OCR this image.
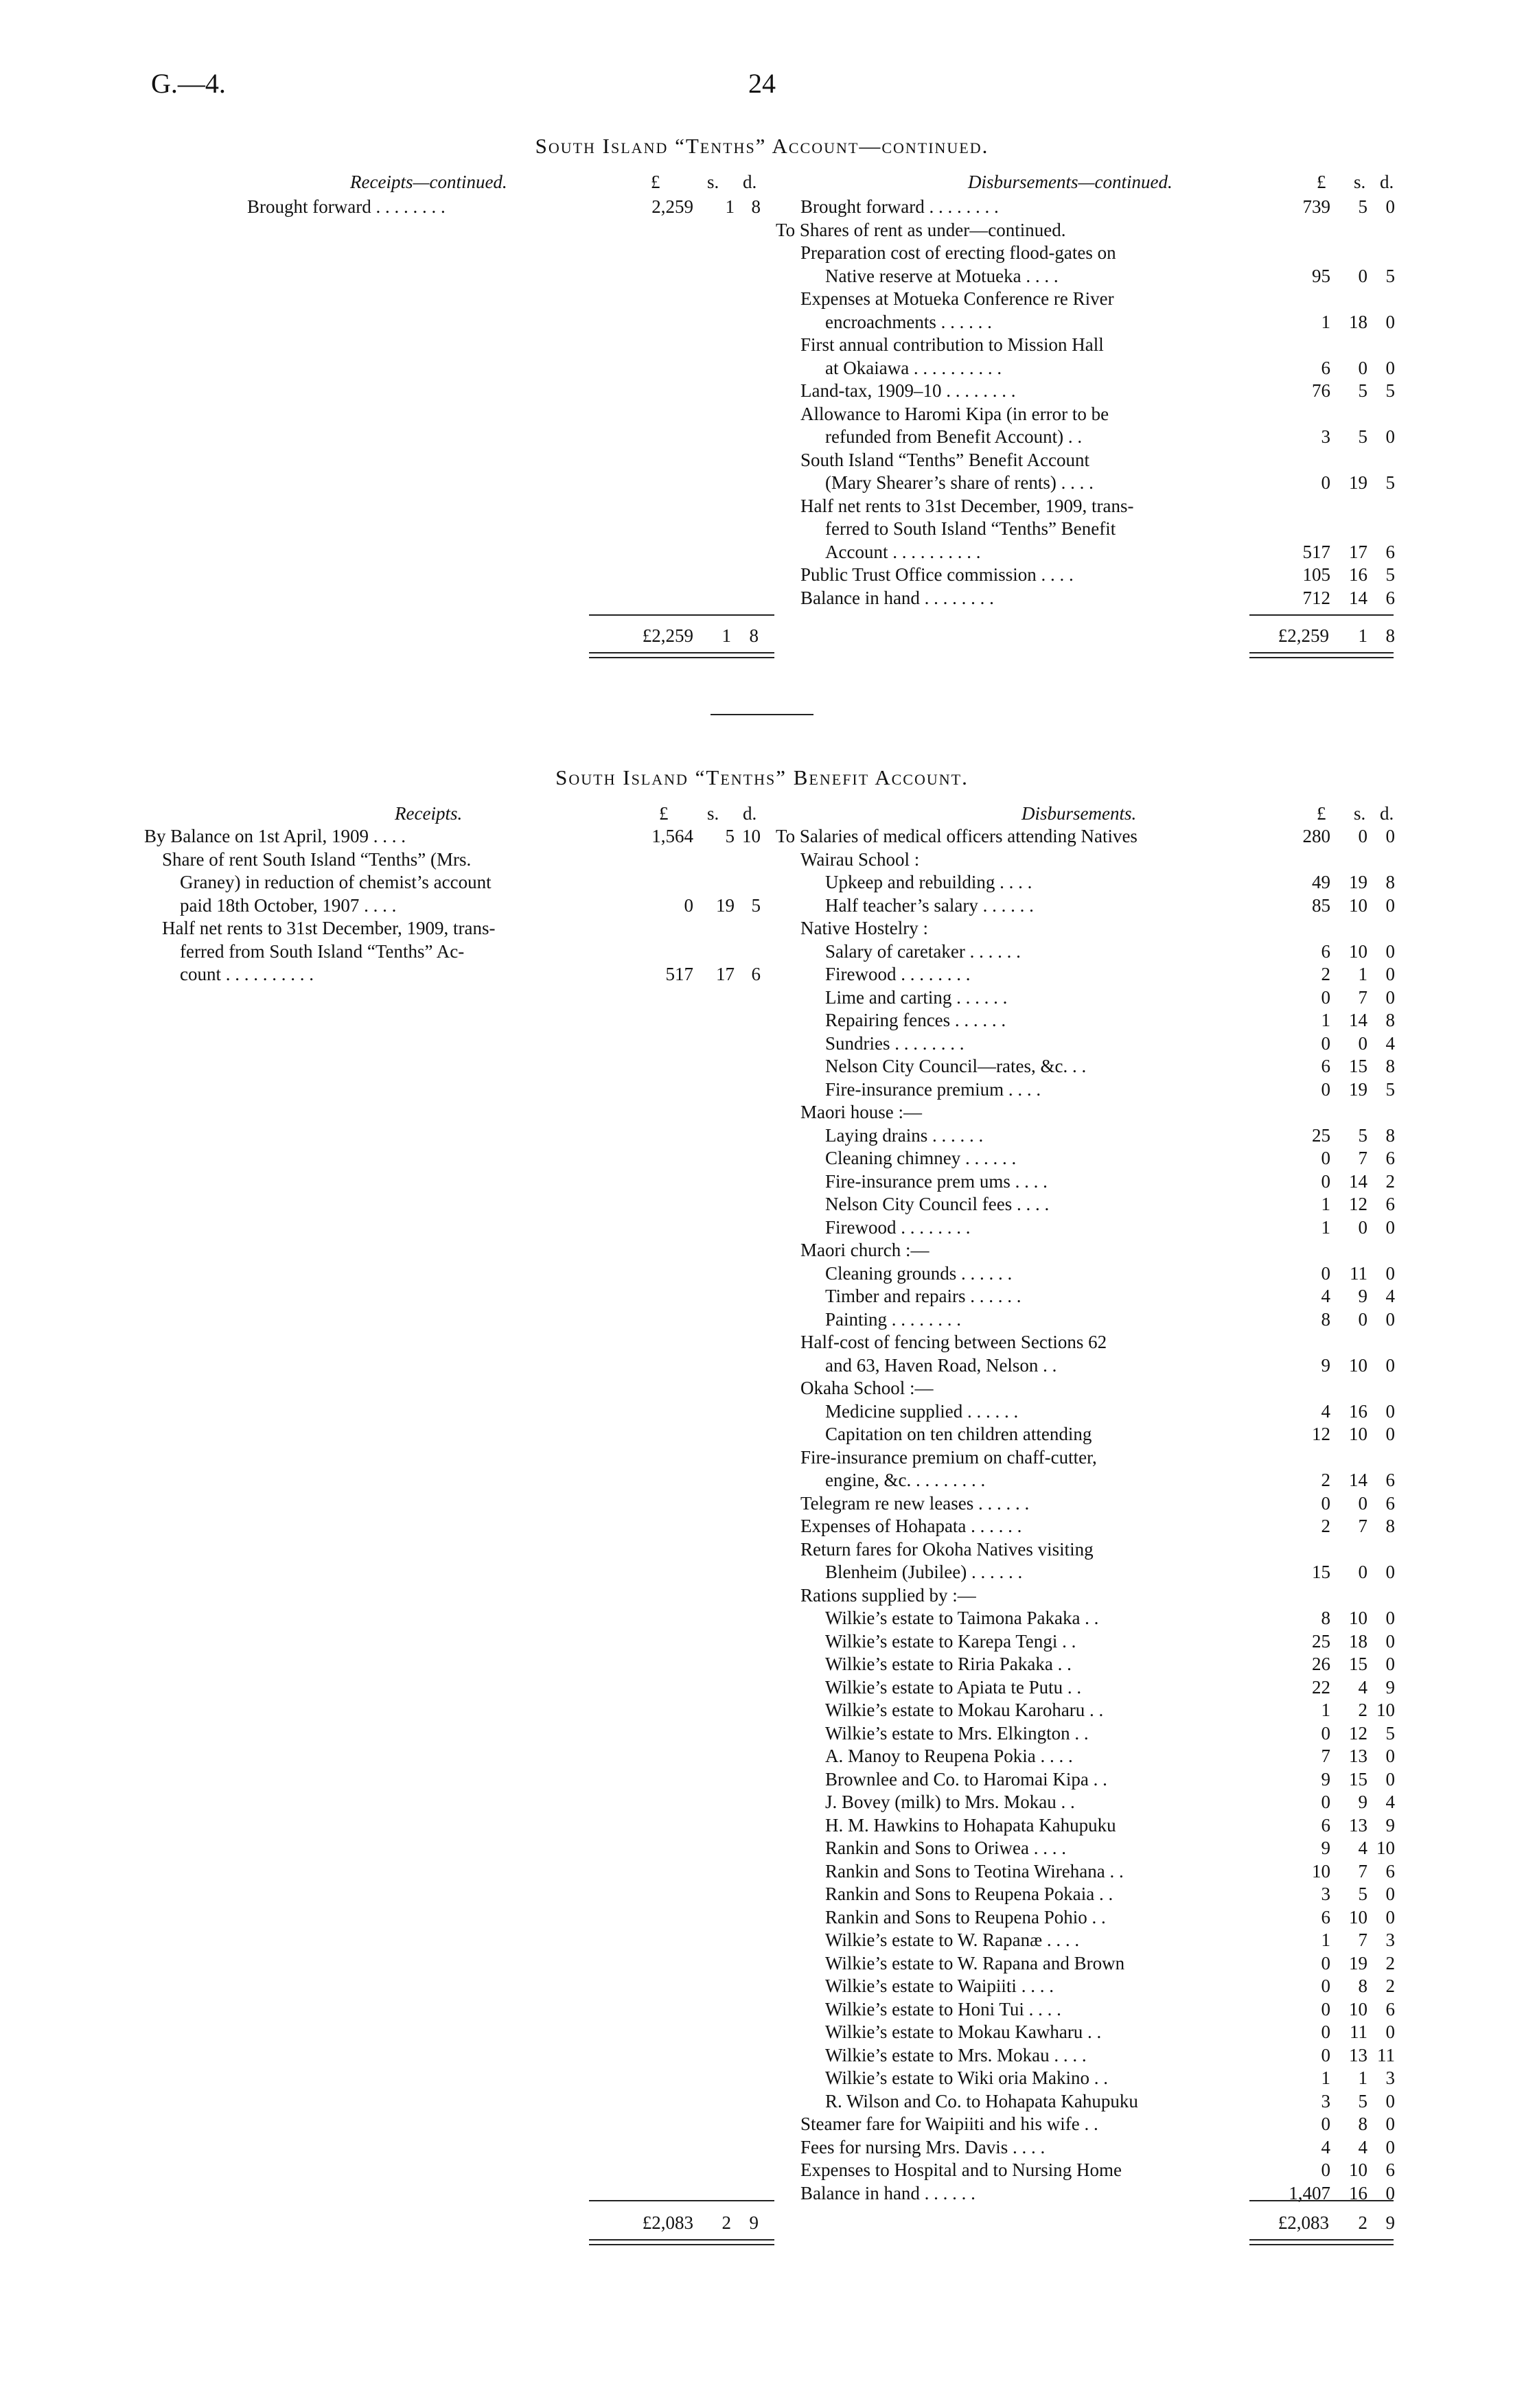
G.—4.	24
South Island “Tenths” Account—continued.
Receipts—continued.	Disbursements—continued.
£	s. d.	£ s. d.
Brought forward . . . . . . . .	2,259	1 8 Brought forward . . . . . . . .	739	5 0
To Shares of rent as under—continued.
Preparation cost of erecting flood-gates on
Native reserve at Motueka . . . .	95	0 5
Expenses at Motueka Conference re River
encroachments . . . . . .	1	18 0
First annual contribution to Mission Hall
at Okaiawa . . . . . . . . . .	6	0 0
Land-tax, 1909–10 . . . . . . . .	76	5 5
Allowance to Haromi Kipa (in error to be
refunded from Benefit Account) . .	3	5 0
South Island “Tenths” Benefit Account
(Mary Shearer’s share of rents) . . . .	0	19 5
Half net rents to 31st December, 1909, trans-
ferred to South Island “Tenths” Benefit
Account . . . . . . . . . .	517	17 6
Public Trust Office commission . . . .	105	16 5
Balance in hand . . . . . . . .	712	14 6
£2,259	1 8	£2,259	1 8
South Island “Tenths” Benefit Account.
Receipts.	Disbursements.
£ s. d.	£ s. d.
By Balance on 1st April, 1909 . . . .	1,564	5 10
Share of rent South Island “Tenths” (Mrs.
Graney) in reduction of chemist’s account
paid 18th October, 1907 . . . .	0	19 5
Half net rents to 31st December, 1909, trans-
ferred from South Island “Tenths” Ac-
count . . . . . . . . . .	517	17 6
To Salaries of medical officers attending Natives	280	0 0
Wairau School :
Upkeep and rebuilding . . . .	49	19 8
Half teacher’s salary . . . . . .	85	10 0
Native Hostelry :
Salary of caretaker . . . . . .	6	10 0
Firewood . . . . . . . .	2	1 0
Lime and carting . . . . . .	0	7 0
Repairing fences . . . . . .	1	14 8
Sundries . . . . . . . .	0	0 4
Nelson City Council—rates, &c. . .	6	15 8
Fire-insurance premium . . . .	0	19 5
Maori house :—
Laying drains . . . . . .	25	5 8
Cleaning chimney . . . . . .	0	7 6
Fire-insurance prem ums . . . .	0	14 2
Nelson City Council fees . . . .	1	12 6
Firewood . . . . . . . .	1	0 0
Maori church :—
Cleaning grounds . . . . . .	0	11 0
Timber and repairs . . . . . .	4	9 4
Painting . . . . . . . .	8	0 0
Half-cost of fencing between Sections 62
and 63, Haven Road, Nelson . .	9	10 0
Okaha School :—
Medicine supplied . . . . . .	4	16 0
Capitation on ten children attending	12	10 0
Fire-insurance premium on chaff-cutter,
engine, &c. . . . . . . . .	2	14 6
Telegram re new leases . . . . . .	0	0 6
Expenses of Hohapata . . . . . .	2	7 8
Return fares for Okoha Natives visiting
Blenheim (Jubilee) . . . . . .	15	0 0
Rations supplied by :—
Wilkie’s estate to Taimona Pakaka . .	8	10 0
Wilkie’s estate to Karepa Tengi . .	25	18 0
Wilkie’s estate to Riria Pakaka . .	26	15 0
Wilkie’s estate to Apiata te Putu . .	22	4 9
Wilkie’s estate to Mokau Karoharu . .	1	2 10
Wilkie’s estate to Mrs. Elkington . .	0	12 5
A. Manoy to Reupena Pokia . . . .	7	13 0
Brownlee and Co. to Haromai Kipa . .	9	15 0
J. Bovey (milk) to Mrs. Mokau . .	0	9 4
H. M. Hawkins to Hohapata Kahupuku	6	13 9
Rankin and Sons to Oriwea . . . .	9	4 10
Rankin and Sons to Teotina Wirehana . .	10	7 6
Rankin and Sons to Reupena Pokaia . .	3	5 0
Rankin and Sons to Reupena Pohio . .	6	10 0
Wilkie’s estate to W. Rapanæ . . . .	1	7 3
Wilkie’s estate to W. Rapana and Brown	0	19 2
Wilkie’s estate to Waipiiti . . . .	0	8 2
Wilkie’s estate to Honi Tui . . . .	0	10 6
Wilkie’s estate to Mokau Kawharu . .	0	11 0
Wilkie’s estate to Mrs. Mokau . . . .	0	13 11
Wilkie’s estate to Wiki oria Makino . .	1	1 3
R. Wilson and Co. to Hohapata Kahupuku	3	5 0
Steamer fare for Waipiiti and his wife . .	0	8 0
Fees for nursing Mrs. Davis . . . .	4	4 0
Expenses to Hospital and to Nursing Home	0	10 6
Balance in hand . . . . . .	1,407	16 0
£2,083	2 9	£2,083	2 9
